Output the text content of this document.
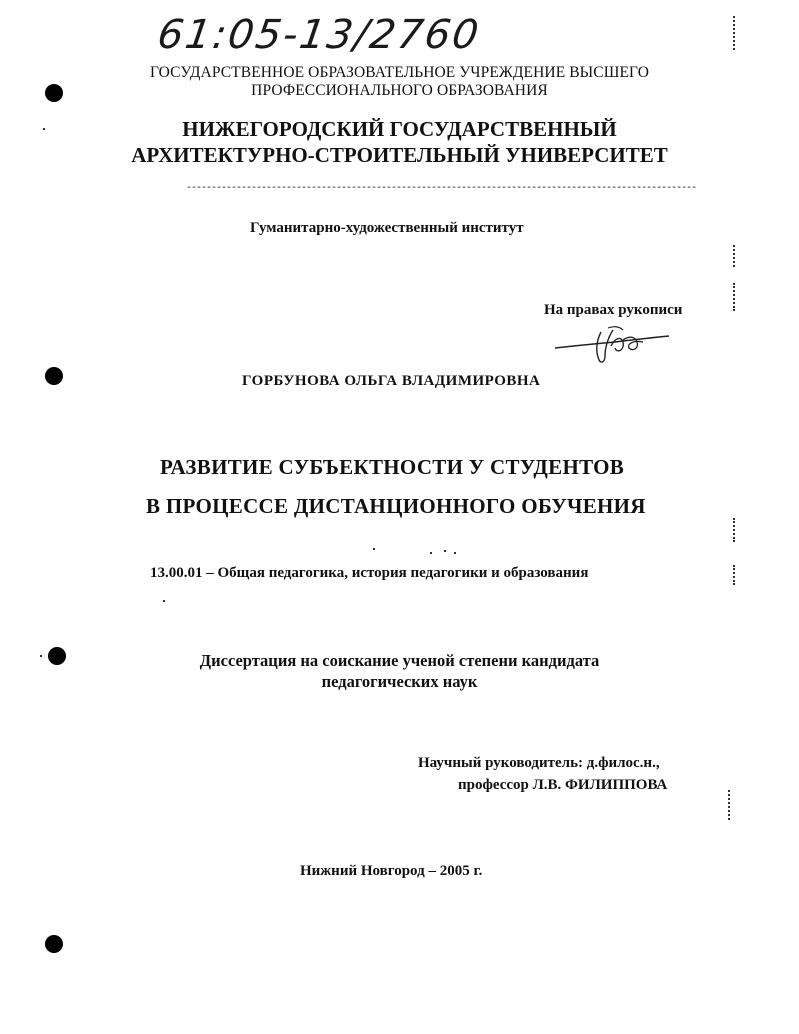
61:05-13/2760
ГОСУДАРСТВЕННОЕ ОБРАЗОВАТЕЛЬНОЕ УЧРЕЖДЕНИЕ ВЫСШЕГО
ПРОФЕССИОНАЛЬНОГО ОБРАЗОВАНИЯ
НИЖЕГОРОДСКИЙ ГОСУДАРСТВЕННЫЙ
АРХИТЕКТУРНО-СТРОИТЕЛЬНЫЙ УНИВЕРСИТЕТ
------------------------------------------------------------------------------------------------------
Гуманитарно-художественный институт
На правах рукописи
ГОРБУНОВА ОЛЬГА ВЛАДИМИРОВНА
РАЗВИТИЕ СУБЪЕКТНОСТИ У СТУДЕНТОВ
В ПРОЦЕССЕ ДИСТАНЦИОННОГО ОБУЧЕНИЯ
13.00.01 – Общая педагогика, история педагогики и образования
Диссертация на соискание ученой степени кандидата
педагогических наук
Научный руководитель: д.филос.н.,
профессор Л.В. ФИЛИППОВА
Нижний Новгород – 2005 г.
